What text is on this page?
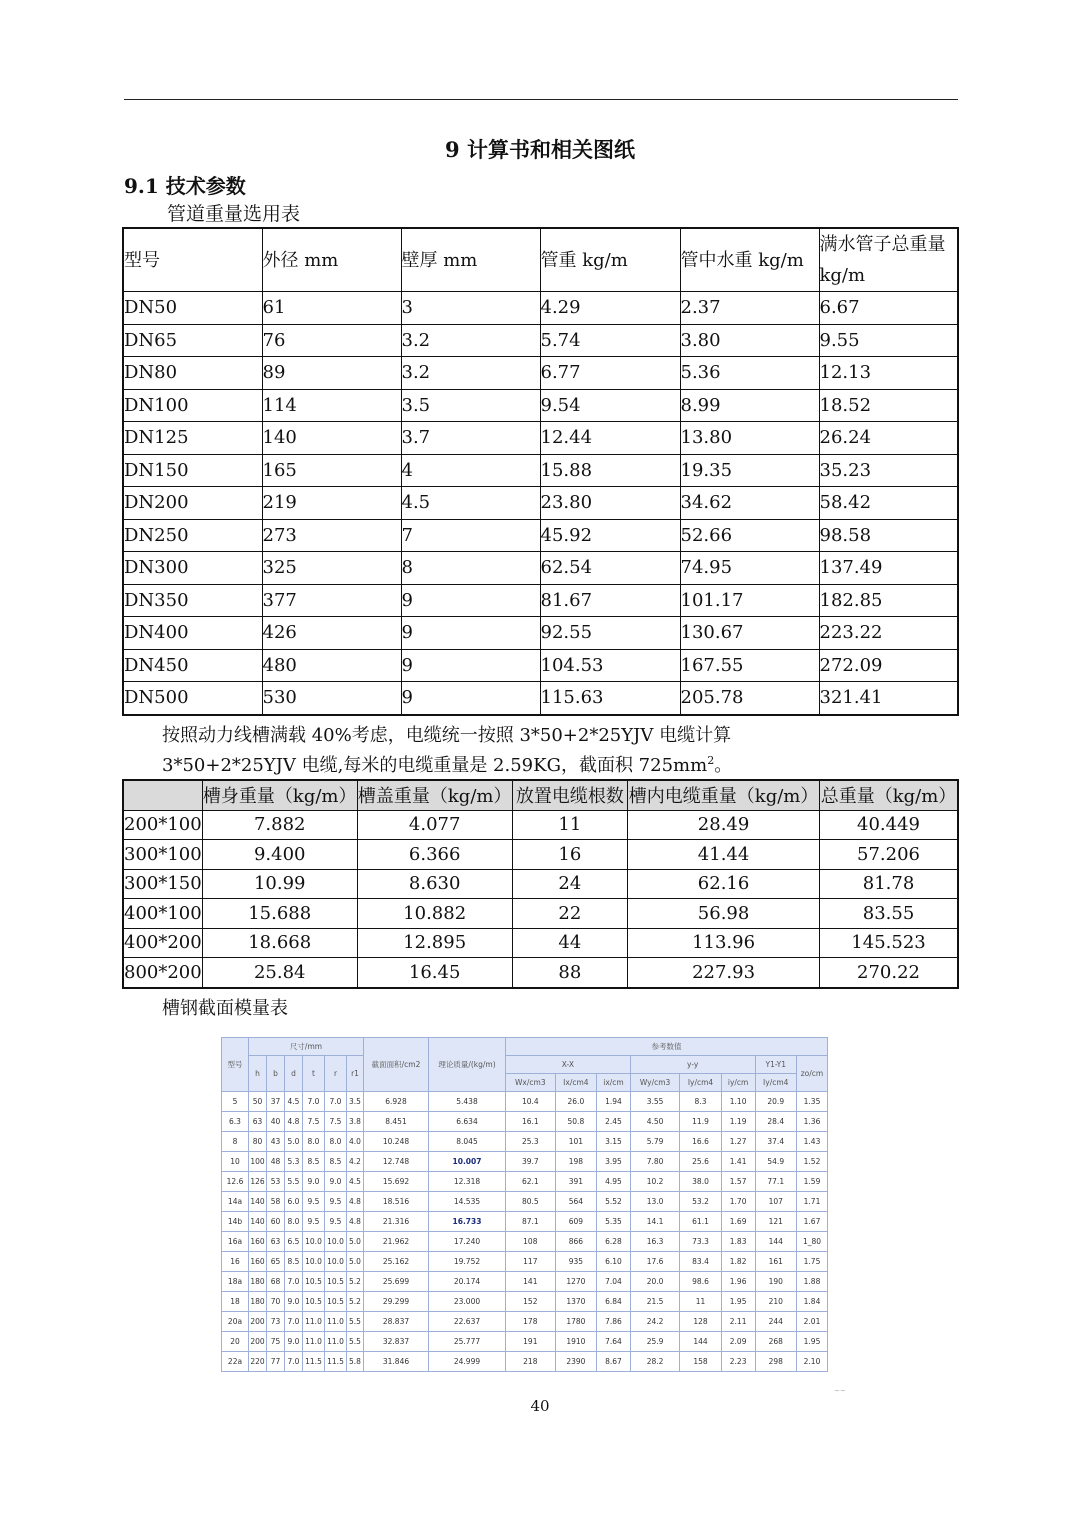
9 计算书和相关图纸
9.1 技术参数
管道重量选用表
型号	外径 mm	壁厚 mm	管重 kg/m	管中水重 kg/m	满水管子总重量 kg/m
DN50	61	3	4.29	2.37	6.67
DN65	76	3.2	5.74	3.80	9.55
DN80	89	3.2	6.77	5.36	12.13
DN100	114	3.5	9.54	8.99	18.52
DN125	140	3.7	12.44	13.80	26.24
DN150	165	4	15.88	19.35	35.23
DN200	219	4.5	23.80	34.62	58.42
DN250	273	7	45.92	52.66	98.58
DN300	325	8	62.54	74.95	137.49
DN350	377	9	81.67	101.17	182.85
DN400	426	9	92.55	130.67	223.22
DN450	480	9	104.53	167.55	272.09
DN500	530	9	115.63	205.78	321.41
按照动力线槽满载 40%考虑，电缆统一按照 3*50+2*25YJV 电缆计算
3*50+2*25YJV 电缆,每米的电缆重量是 2.59KG，截面积 $725mm^2$。
	槽身重量（kg/m）	槽盖重量（kg/m）	放置电缆根数	槽内电缆重量（kg/m）	总重量（kg/m）
200*100	7.882	4.077	11	28.49	40.449
300*100	9.400	6.366	16	41.44	57.206
300*150	10.99	8.630	24	62.16	81.78
400*100	15.688	10.882	22	56.98	83.55
400*200	18.668	12.895	44	113.96	145.523
800*200	25.84	16.45	88	227.93	270.22
槽钢截面模量表
型号	尺寸/mm						截面面积/cm2	理论质量/(kg/m)	参考数值							
	h	b	d	t	r	r1			X-X			y-y			Y1-Y1	zo/cm
									Wx/cm3	Ix/cm4	ix/cm	Wy/cm3	Iy/cm4	iy/cm	Iy/cm4	
5	50	37	4.5	7.0	7.0	3.5	6.928	5.438	10.4	26.0	1.94	3.55	8.3	1.10	20.9	1.35
6.3	63	40	4.8	7.5	7.5	3.8	8.451	6.634	16.1	50.8	2.45	4.50	11.9	1.19	28.4	1.36
8	80	43	5.0	8.0	8.0	4.0	10.248	8.045	25.3	101	3.15	5.79	16.6	1.27	37.4	1.43
10	100	48	5.3	8.5	8.5	4.2	12.748	10.007	39.7	198	3.95	7.80	25.6	1.41	54.9	1.52
12.6	126	53	5.5	9.0	9.0	4.5	15.692	12.318	62.1	391	4.95	10.2	38.0	1.57	77.1	1.59
14a	140	58	6.0	9.5	9.5	4.8	18.516	14.535	80.5	564	5.52	13.0	53.2	1.70	107	1.71
14b	140	60	8.0	9.5	9.5	4.8	21.316	16.733	87.1	609	5.35	14.1	61.1	1.69	121	1.67
16a	160	63	6.5	10.0	10.0	5.0	21.962	17.240	108	866	6.28	16.3	73.3	1.83	144	1_80
16	160	65	8.5	10.0	10.0	5.0	25.162	19.752	117	935	6.10	17.6	83.4	1.82	161	1.75
18a	180	68	7.0	10.5	10.5	5.2	25.699	20.174	141	1270	7.04	20.0	98.6	1.96	190	1.88
18	180	70	9.0	10.5	10.5	5.2	29.299	23.000	152	1370	6.84	21.5	11	1.95	210	1.84
20a	200	73	7.0	11.0	11.0	5.5	28.837	22.637	178	1780	7.86	24.2	128	2.11	244	2.01
20	200	75	9.0	11.0	11.0	5.5	32.837	25.777	191	1910	7.64	25.9	144	2.09	268	1.95
22a	220	77	7.0	11.5	11.5	5.8	31.846	24.999	218	2390	8.67	28.2	158	2.23	298	2.10
~~
40
